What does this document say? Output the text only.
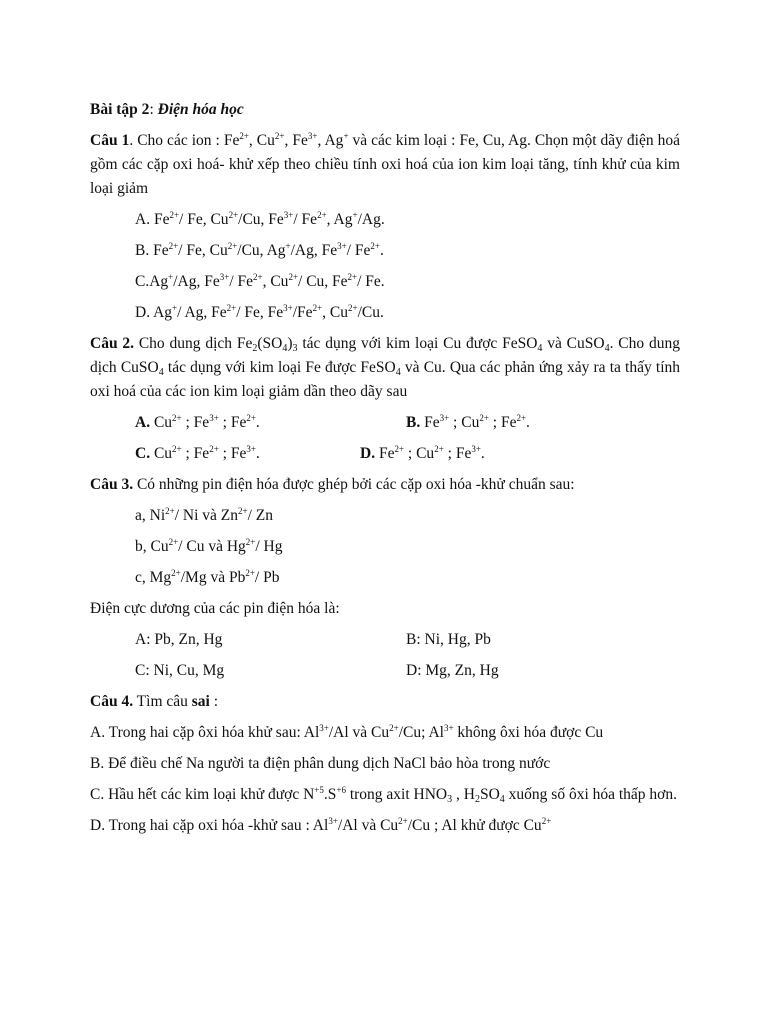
Bài tập 2: Điện hóa học

Câu 1. Cho các ion : $Fe^{2+}$, $Cu^{2+}$, $Fe^{3+}$, Ag+ và các kim loại : Fe, Cu, Ag. Chọn một dãy điện hoá gồm các cặp oxi hoá- khử xếp theo chiều tính oxi hoá của ion kim loại tăng, tính khử của kim loại giảm

A. $Fe^{2+}/$ Fe, $Cu^{2+}/Cu$, $Fe^{3+}/$ $Fe^{2+}$, Ag+/Ag.

B. $Fe^{2+}/$ Fe, $Cu^{2+}/Cu$, Ag+/Ag, $Fe^{3+}/$ $Fe^{2+}$.

C.Ag+/Ag, $Fe^{3+}/$ $Fe^{2+}$, $Cu^{2+}/$ Cu, $Fe^{2+}/$ Fe.

D. Ag+/ Ag, $Fe^{2+}/$ Fe, $Fe^{3+}/Fe^{2+}$, $Cu^{2+}/Cu$.

Câu 2. Cho dung dịch $Fe_2(SO_4)_3$ tác dụng với kim loại Cu được FeSO$_4$ và CuSO$_4$. Cho dung dịch CuSO$_4$ tác dụng với kim loại Fe được FeSO$_4$ và Cu. Qua các phản ứng xảy ra ta thấy tính oxi hoá của các ion kim loại giảm dần theo dãy sau

A. $Cu^{2+}$ ; $Fe^{3+}$ ; $Fe^{2+}$.	B. $Fe^{3+}$ ; $Cu^{2+}$ ; $Fe^{2+}$.
C. $Cu^{2+}$ ; $Fe^{2+}$ ; $Fe^{3+}$.	D. $Fe^{2+}$ ; $Cu^{2+}$ ; $Fe^{3+}$.

Câu 3. Có những pin điện hóa được ghép bởi các cặp oxi hóa -khử chuẩn sau:

a, $Ni^{2+}/$ Ni và $Zn^{2+}/$ Zn

b, $Cu^{2+}/$ Cu và $Hg^{2+}/$ Hg

c, $Mg^{2+}/Mg$ và $Pb^{2+}/$ Pb

Điện cực dương của các pin điện hóa là:

A: Pb, Zn, Hg	B: Ni, Hg, Pb
C: Ni, Cu, Mg	D: Mg, Zn, Hg

Câu 4. Tìm câu sai :

A. Trong hai cặp ôxi hóa khử sau: $Al^{3+}/Al$ và $Cu^{2+}/Cu$; $Al^{3+}$ không ôxi hóa được Cu

B. Để điều chế Na người ta điện phân dung dịch NaCl bảo hòa trong nước

C. Hầu hết các kim loại khử được $N^{+5}.S^{+6}$ trong axit $HNO_3$ , $H_2SO_4$ xuống số ôxi hóa thấp hơn.

D. Trong hai cặp oxi hóa -khử sau : $Al^{3+}/Al$ và $Cu^{2+}/Cu$ ; Al khử được $Cu^{2+}$
